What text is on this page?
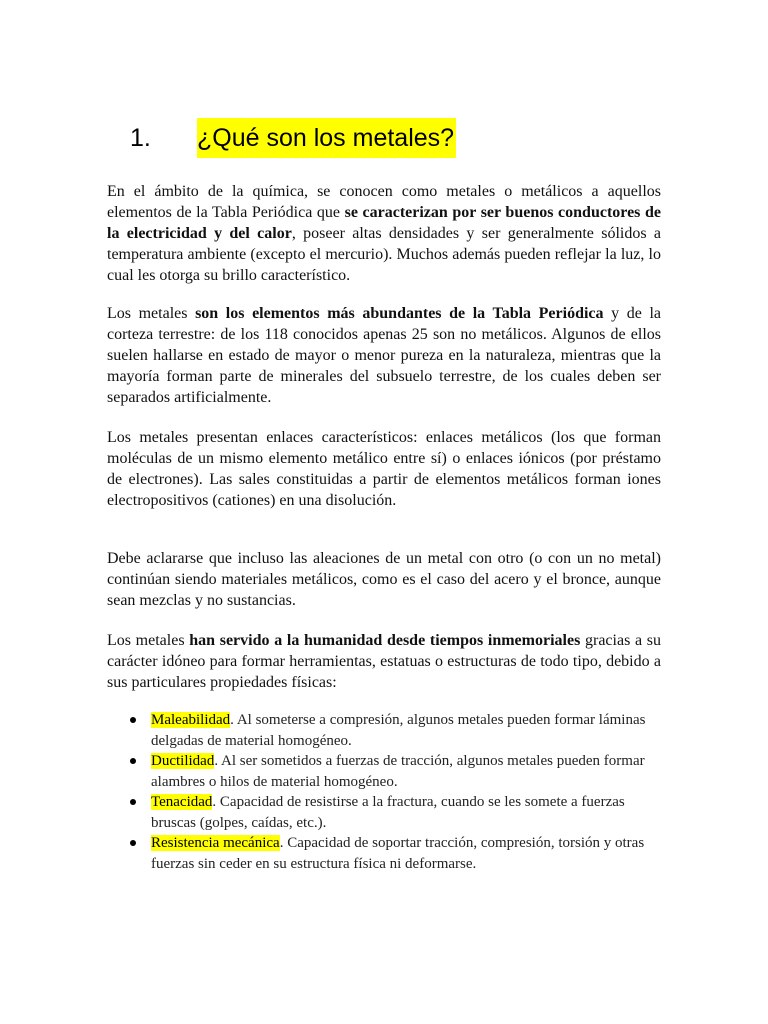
1.	¿Qué son los metales?

En el ámbito de la química, se conocen como metales o metálicos a aquellos elementos de la Tabla Periódica que se caracterizan por ser buenos conductores de la electricidad y del calor, poseer altas densidades y ser generalmente sólidos a temperatura ambiente (excepto el mercurio). Muchos además pueden reflejar la luz, lo cual les otorga su brillo característico.

Los metales son los elementos más abundantes de la Tabla Periódica y de la corteza terrestre: de los 118 conocidos apenas 25 son no metálicos. Algunos de ellos suelen hallarse en estado de mayor o menor pureza en la naturaleza, mientras que la mayoría forman parte de minerales del subsuelo terrestre, de los cuales deben ser separados artificialmente.

Los metales presentan enlaces característicos: enlaces metálicos (los que forman moléculas de un mismo elemento metálico entre sí) o enlaces iónicos (por préstamo de electrones). Las sales constituidas a partir de elementos metálicos forman iones electropositivos (cationes) en una disolución.

Debe aclararse que incluso las aleaciones de un metal con otro (o con un no metal) continúan siendo materiales metálicos, como es el caso del acero y el bronce, aunque sean mezclas y no sustancias.

Los metales han servido a la humanidad desde tiempos inmemoriales gracias a su carácter idóneo para formar herramientas, estatuas o estructuras de todo tipo, debido a sus particulares propiedades físicas:

Maleabilidad. Al someterse a compresión, algunos metales pueden formar láminas delgadas de material homogéneo.
Ductilidad. Al ser sometidos a fuerzas de tracción, algunos metales pueden formar alambres o hilos de material homogéneo.
Tenacidad. Capacidad de resistirse a la fractura, cuando se les somete a fuerzas bruscas (golpes, caídas, etc.).
Resistencia mecánica. Capacidad de soportar tracción, compresión, torsión y otras fuerzas sin ceder en su estructura física ni deformarse.
